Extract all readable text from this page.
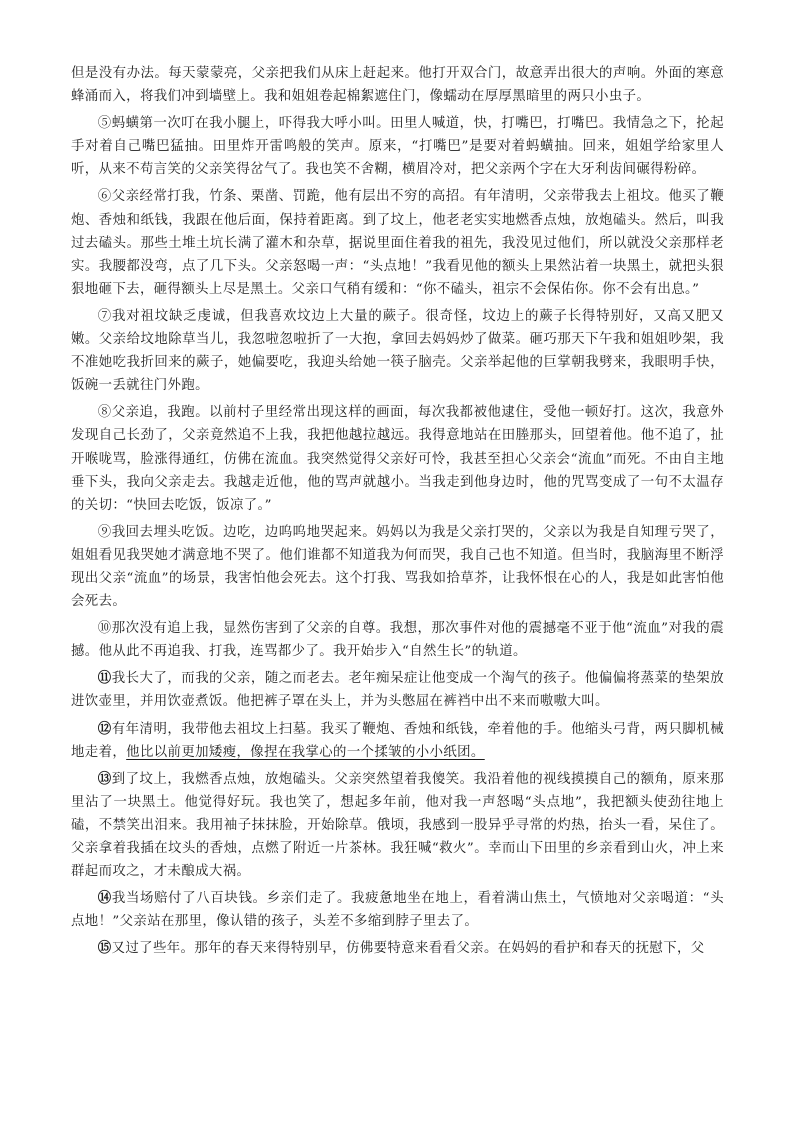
但是没有办法。每天蒙蒙亮，父亲把我们从床上赶起来。他打开双合门，故意弄出很大的声响。外面的寒意蜂涌而入，将我们冲到墙壁上。我和姐姐卷起棉絮遮住门，像蠕动在厚厚黑暗里的两只小虫子。

⑤蚂蟥第一次叮在我小腿上，吓得我大呼小叫。田里人喊道，快，打嘴巴，打嘴巴。我情急之下，抡起手对着自己嘴巴猛抽。田里炸开雷鸣般的笑声。原来，“打嘴巴”是要对着蚂蟥抽。回来，姐姐学给家里人听，从来不苟言笑的父亲笑得岔气了。我也笑不舍糊，横眉冷对，把父亲两个字在大牙利齿间碾得粉碎。

⑥父亲经常打我，竹条、栗凿、罚跪，他有层出不穷的高招。有年清明，父亲带我去上祖坟。他买了鞭炮、香烛和纸钱，我跟在他后面，保持着距离。到了坟上，他老老实实地燃香点烛，放炮磕头。然后，叫我过去磕头。那些土堆土坑长满了灌木和杂草，据说里面住着我的祖先，我没见过他们，所以就没父亲那样老实。我腰都没弯，点了几下头。父亲怒喝一声：“头点地！”我看见他的额头上果然沾着一块黑土，就把头狠狠地砸下去，砸得额头上尽是黑土。父亲口气稍有缓和：“你不磕头，祖宗不会保佑你。你不会有出息。”

⑦我对祖坟缺乏虔诚，但我喜欢坟边上大量的蕨子。很奇怪，坟边上的蕨子长得特别好，又高又肥又嫩。父亲给坟地除草当儿，我忽啦忽啦折了一大抱，拿回去妈妈炒了做菜。砸巧那天下午我和姐姐吵架，我不准她吃我折回来的蕨子，她偏要吃，我迎头给她一筷子脑壳。父亲举起他的巨掌朝我劈来，我眼明手快，饭碗一丢就往门外跑。

⑧父亲追，我跑。以前村子里经常出现这样的画面，每次我都被他逮住，受他一顿好打。这次，我意外发现自己长劲了，父亲竟然追不上我，我把他越拉越远。我得意地站在田塍那头，回望着他。他不追了，扯开喉咙骂，脸涨得通红，仿佛在流血。我突然觉得父亲好可怜，我甚至担心父亲会“流血”而死。不由自主地垂下头，我向父亲走去。我越走近他，他的骂声就越小。当我走到他身边时，他的咒骂变成了一句不太温存的关切：“快回去吃饭，饭凉了。”

⑨我回去埋头吃饭。边吃，边呜呜地哭起来。妈妈以为我是父亲打哭的，父亲以为我是自知理亏哭了，姐姐看见我哭她才满意地不哭了。他们谁都不知道我为何而哭，我自己也不知道。但当时，我脑海里不断浮现出父亲“流血”的场景，我害怕他会死去。这个打我、骂我如拾草芥，让我怀恨在心的人，我是如此害怕他会死去。

⑩那次没有追上我，显然伤害到了父亲的自尊。我想，那次事件对他的震撼毫不亚于他“流血”对我的震撼。他从此不再追我、打我，连骂都少了。我开始步入“自然生长”的轨道。

⑪我长大了，而我的父亲，随之而老去。老年痴呆症让他变成一个淘气的孩子。他偏偏将蒸菜的垫架放进饮壶里，并用饮壶煮饭。他把裤子罩在头上，并为头憋屈在裤裆中出不来而嗷嗷大叫。

⑫有年清明，我带他去祖坟上扫墓。我买了鞭炮、香烛和纸钱，牵着他的手。他缩头弓背，两只脚机械地走着，他比以前更加矮瘦，像捏在我掌心的一个揉皱的小小纸团。

⑬到了坟上，我燃香点烛，放炮磕头。父亲突然望着我傻笑。我沿着他的视线摸摸自己的额角，原来那里沾了一块黑土。他觉得好玩。我也笑了，想起多年前，他对我一声怒喝“头点地”，我把额头使劲往地上磕，不禁笑出泪来。我用袖子抹抹脸，开始除草。俄顷，我感到一股异乎寻常的灼热，抬头一看，呆住了。父亲拿着我插在坟头的香烛，点燃了附近一片茶林。我狂喊“救火”。幸而山下田里的乡亲看到山火，冲上来群起而攻之，才未酿成大祸。

⑭我当场赔付了八百块钱。乡亲们走了。我疲惫地坐在地上，看着满山焦土，气愤地对父亲喝道：“头点地！”父亲站在那里，像认错的孩子，头差不多缩到脖子里去了。

⑮又过了些年。那年的春天来得特别早，仿佛要特意来看看父亲。在妈妈的看护和春天的抚慰下，父
